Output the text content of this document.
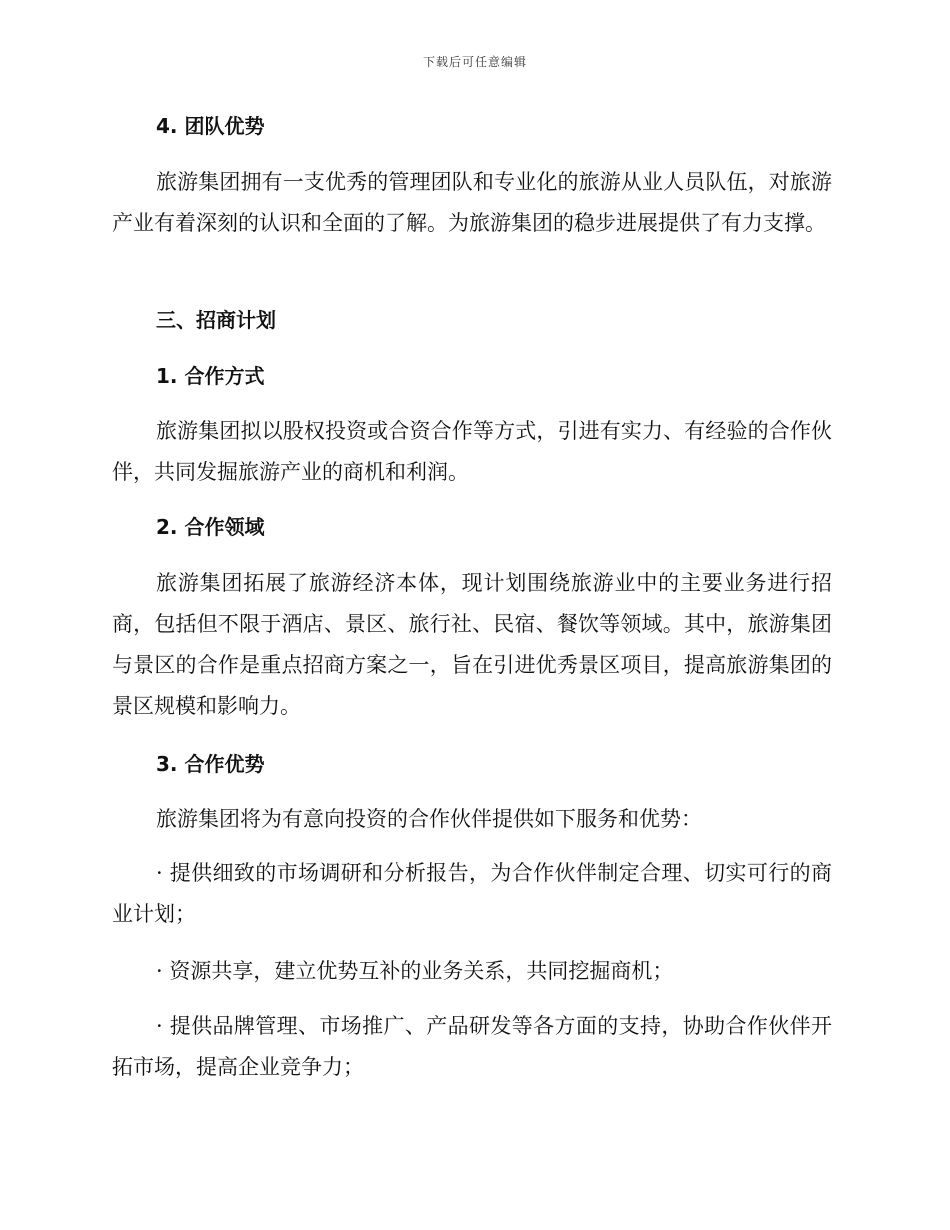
下载后可任意编辑
4. 团队优势
旅游集团拥有一支优秀的管理团队和专业化的旅游从业人员队伍，对旅游产业有着深刻的认识和全面的了解。为旅游集团的稳步进展提供了有力支撑。
三、招商计划
1. 合作方式
旅游集团拟以股权投资或合资合作等方式，引进有实力、有经验的合作伙伴，共同发掘旅游产业的商机和利润。
2. 合作领域
旅游集团拓展了旅游经济本体，现计划围绕旅游业中的主要业务进行招商，包括但不限于酒店、景区、旅行社、民宿、餐饮等领域。其中，旅游集团与景区的合作是重点招商方案之一，旨在引进优秀景区项目，提高旅游集团的景区规模和影响力。
3. 合作优势
旅游集团将为有意向投资的合作伙伴提供如下服务和优势：
· 提供细致的市场调研和分析报告，为合作伙伴制定合理、切实可行的商业计划；
· 资源共享，建立优势互补的业务关系，共同挖掘商机；
· 提供品牌管理、市场推广、产品研发等各方面的支持，协助合作伙伴开拓市场，提高企业竞争力；
